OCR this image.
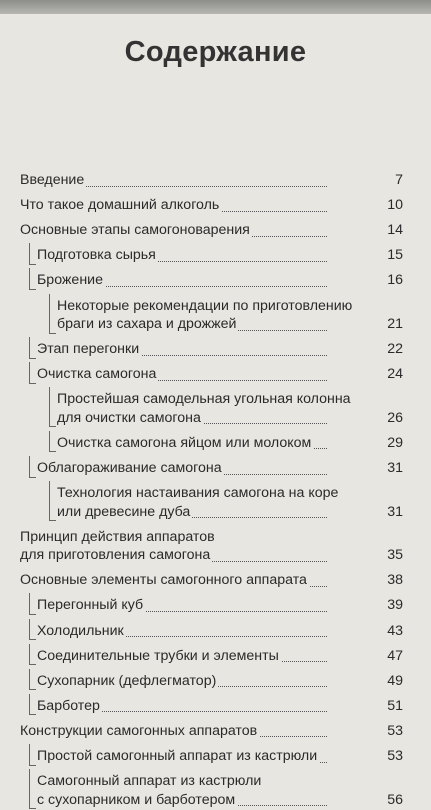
Содержание
Введение	7
Что такое домашний алкоголь	10
Основные этапы самогоноварения	14
Подготовка сырья	15
Брожение	16
Некоторые рекомендации по приготовлению
браги из сахара и дрожжей	21
Этап перегонки	22
Очистка самогона	24
Простейшая самодельная угольная колонна
для очистки самогона	26
Очистка самогона яйцом или молоком	29
Облагораживание самогона	31
Технология настаивания самогона на коре
или древесине дуба	31
Принцип действия аппаратов
для приготовления самогона	35
Основные элементы самогонного аппарата	38
Перегонный куб	39
Холодильник	43
Соединительные трубки и элементы	47
Сухопарник (дефлегматор)	49
Барботер	51
Конструкции самогонных аппаратов	53
Простой самогонный аппарат из кастрюли	53
Самогонный аппарат из кастрюли
с сухопарником и барботером	56
